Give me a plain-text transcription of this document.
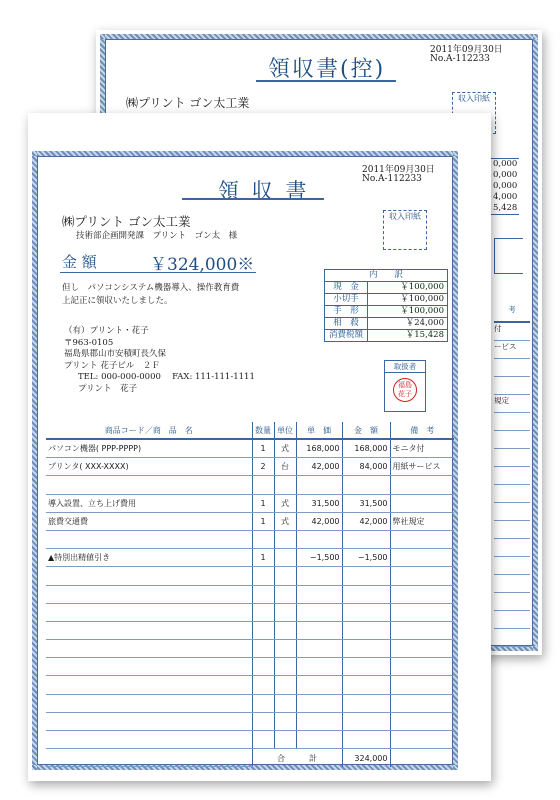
領収書(控)
2011年09月30日
No.A-112233
㈱プリント ゴン太工業	収入印紙
0,000
0,000
0,000
4,000
5,428
考
付
ービス
規定
領 収 書
2011年09月30日
No.A-112233
㈱プリント ゴン太工業
技術部企画開発課　プリント　ゴン太　様
収入印紙
金 額	￥324,000※
但し　パソコンシステム機器導入、操作教育費
上記正に領収いたしました。
内　　訳	
現　金	￥100,000
小切手	￥100,000
手　形	￥100,000
相　殺	￥24,000
消費税額	￥15,428
（有）プリント・花子
〒963-0105
福島県郡山市安積町長久保
プリント 花子ビル　２Ｆ
TEL: 000-000-0000　 FAX: 111-111-1111
プリント　花子
取扱者
福島
花子
商品コード／商　品　名	数量	単位	単　価	金　額	備　考
パソコン機器( PPP-PPPP)	1	式	168,000	168,000	モニタ付
プリンタ( XXX-XXXX)	2	台	42,000	84,000	用紙サービス

導入設置、立ち上げ費用	1	式	31,500	31,500	
旅費交通費	1	式	42,000	42,000	弊社規定

▲特別出精値引き	1		−1,500	−1,500	

	合　　　計			324,000	
